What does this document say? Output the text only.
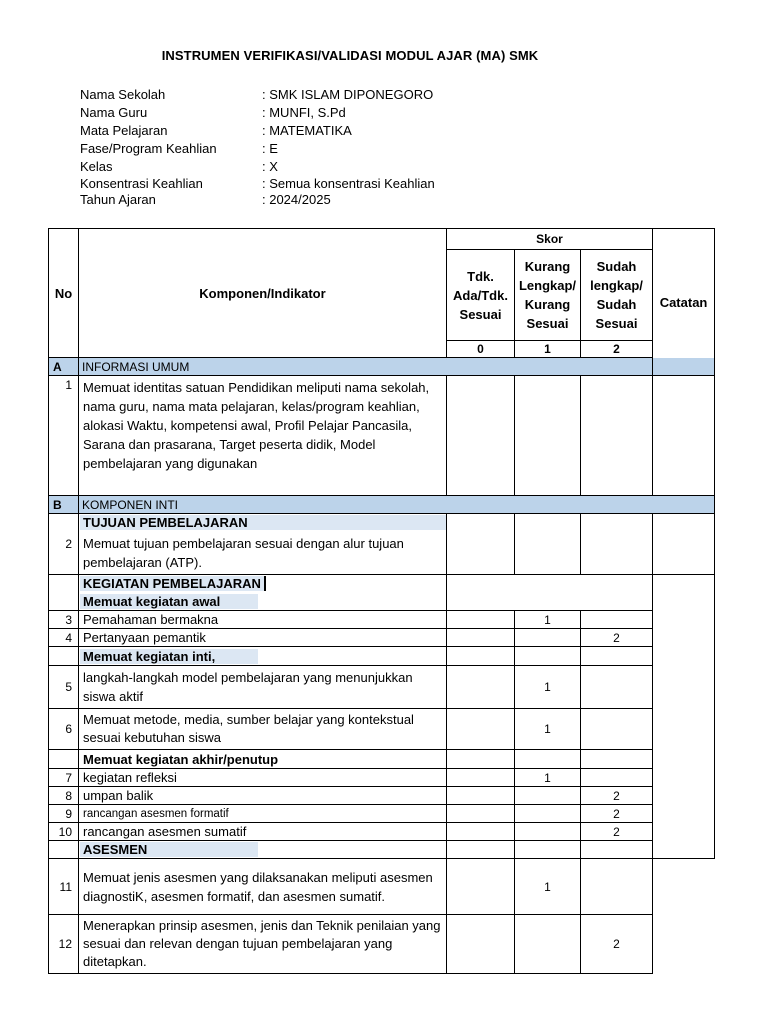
INSTRUMEN VERIFIKASI/VALIDASI MODUL AJAR (MA) SMK
Nama Sekolah	: SMK ISLAM DIPONEGORO
Nama Guru	: MUNFI, S.Pd
Mata Pelajaran	: MATEMATIKA
Fase/Program Keahlian	: E
Kelas	: X
Konsentrasi Keahlian	: Semua konsentrasi Keahlian
Tahun Ajaran	: 2024/2025
No	Komponen/Indikator	Skor			Catatan	
		Tdk. Ada/Tdk. Sesuai	Kurang Lengkap/ Kurang Sesuai	Sudah lengkap/ Sudah Sesuai		
		0	1	2		
A	INFORMASI UMUM					
1	Memuat identitas satuan Pendidikan meliputi nama sekolah, nama guru, nama mata pelajaran, kelas/program keahlian, alokasi Waktu, kompetensi awal, Profil Pelajar Pancasila, Sarana dan prasarana, Target peserta didik, Model pembelajaran yang digunakan					
B	KOMPONEN INTI					
2	TUJUAN PEMBELAJARAN					
	Memuat tujuan pembelajaran sesuai dengan alur tujuan pembelajaran (ATP).					
	KEGIATAN PEMBELAJARAN					
	Memuat kegiatan awal					
3	Pemahaman bermakna		1			
4	Pertanyaan pemantik			2		
	Memuat kegiatan inti,					
5	langkah-langkah model pembelajaran yang menunjukkan siswa aktif		1			
6	Memuat metode, media, sumber belajar yang kontekstual sesuai kebutuhan siswa		1			
	Memuat kegiatan akhir/penutup					
7	kegiatan refleksi		1			
8	umpan balik			2		
9	rancangan asesmen formatif			2		
10	rancangan asesmen sumatif			2		
	ASESMEN					
11	Memuat jenis asesmen yang dilaksanakan meliputi asesmen diagnostiK, asesmen formatif, dan asesmen sumatif.		1			
12	Menerapkan prinsip asesmen, jenis dan Teknik penilaian yang sesuai dan relevan dengan tujuan pembelajaran yang ditetapkan.			2		
